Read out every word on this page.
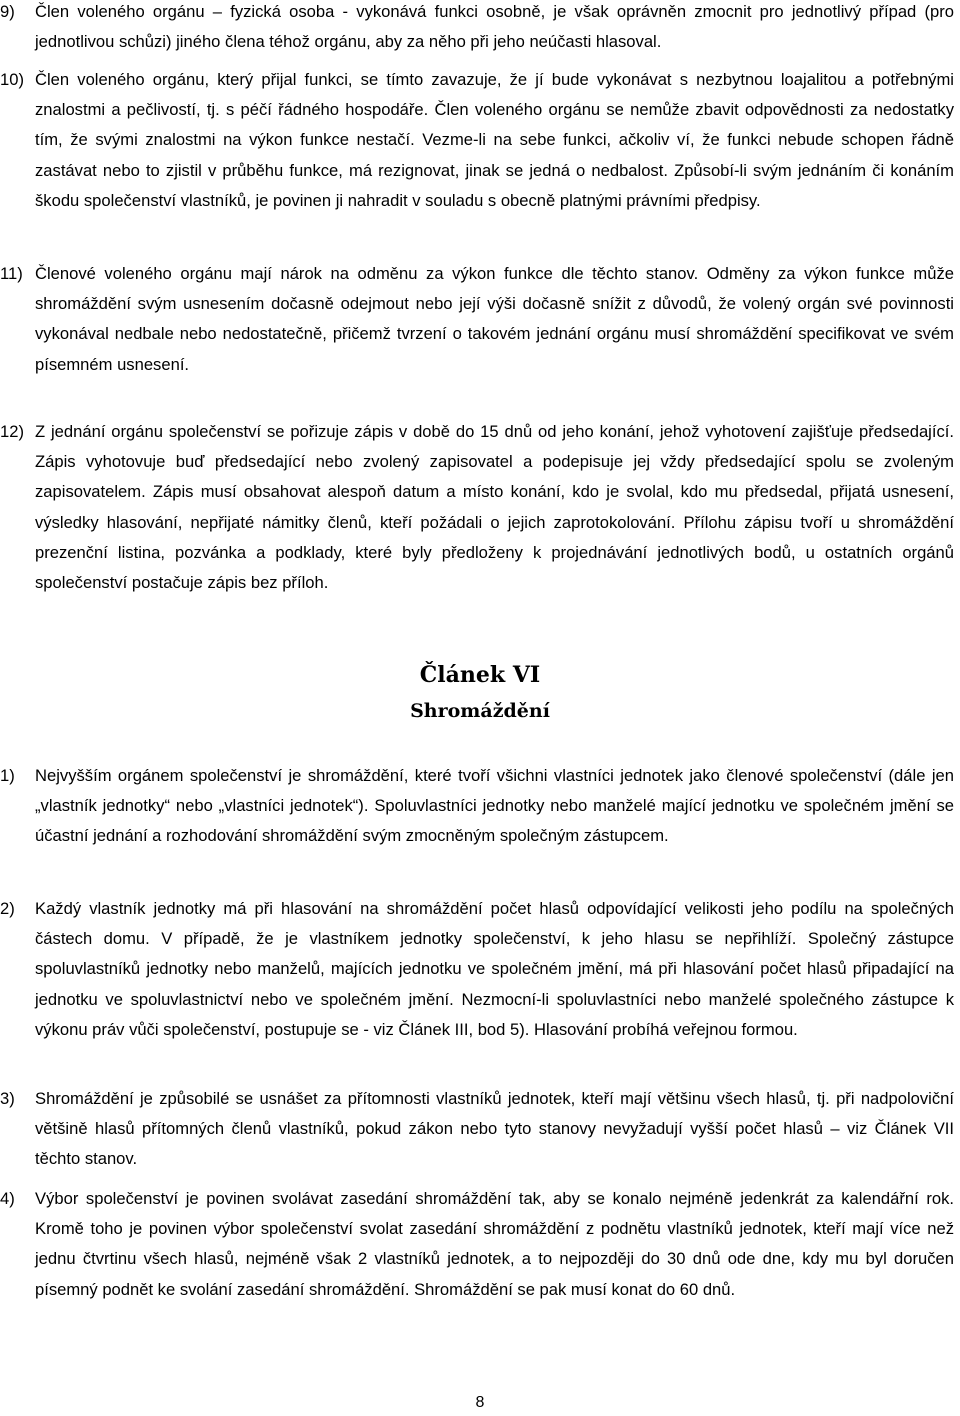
9)	Člen voleného orgánu – fyzická osoba - vykonává funkci osobně, je však oprávněn zmocnit pro jednotlivý případ (pro jednotlivou schůzi) jiného člena téhož orgánu, aby za něho při jeho neúčasti hlasoval.
10) Člen voleného orgánu, který přijal funkci, se tímto zavazuje, že jí bude vykonávat s nezbytnou loajalitou a potřebnými znalostmi a pečlivostí, tj. s péčí řádného hospodáře. Člen voleného orgánu se nemůže zbavit odpovědnosti za nedostatky tím, že svými znalostmi na výkon funkce nestačí. Vezme-li na sebe funkci, ačkoliv ví, že funkci nebude schopen řádně zastávat nebo to zjistil v průběhu funkce, má rezignovat, jinak se jedná o nedbalost. Způsobí-li svým jednáním či konáním škodu společenství vlastníků, je povinen ji nahradit v souladu s obecně platnými právními předpisy.
11) Členové voleného orgánu mají nárok na odměnu za výkon funkce dle těchto stanov. Odměny za výkon funkce může shromáždění svým usnesením dočasně odejmout nebo její výši dočasně snížit z důvodů, že volený orgán své povinnosti vykonával nedbale nebo nedostatečně, přičemž tvrzení o takovém jednání orgánu musí shromáždění specifikovat ve svém písemném usnesení.
12) Z jednání orgánu společenství se pořizuje zápis v době do 15 dnů od jeho konání, jehož vyhotovení zajišťuje předsedající. Zápis vyhotovuje buď předsedající nebo zvolený zapisovatel a podepisuje jej vždy předsedající spolu se zvoleným zapisovatelem. Zápis musí obsahovat alespoň datum a místo konání, kdo je svolal, kdo mu předsedal, přijatá usnesení, výsledky hlasování, nepřijaté námitky členů, kteří požádali o jejich zaprotokolování. Přílohu zápisu tvoří u shromáždění prezenční listina, pozvánka a podklady, které byly předloženy k projednávání jednotlivých bodů, u ostatních orgánů společenství postačuje zápis bez příloh.
Článek VI
Shromáždění
1)	Nejvyšším orgánem společenství je shromáždění, které tvoří všichni vlastníci jednotek jako členové společenství (dále jen „vlastník jednotky“ nebo „vlastníci jednotek“). Spoluvlastníci jednotky nebo manželé mající jednotku ve společném jmění se účastní jednání a rozhodování shromáždění svým zmocněným společným zástupcem.
2)	Každý vlastník jednotky má při hlasování na shromáždění počet hlasů odpovídající velikosti jeho podílu na společných částech domu. V případě, že je vlastníkem jednotky společenství, k jeho hlasu se nepřihlíží. Společný zástupce spoluvlastníků jednotky nebo manželů, majících jednotku ve společném jmění, má při hlasování počet hlasů připadající na jednotku ve spoluvlastnictví nebo ve společném jmění. Nezmocní-li spoluvlastníci nebo manželé společného zástupce k výkonu práv vůči společenství, postupuje se - viz Článek III, bod 5). Hlasování probíhá veřejnou formou.
3)	Shromáždění je způsobilé se usnášet za přítomnosti vlastníků jednotek, kteří mají většinu všech hlasů, tj. při nadpoloviční většině hlasů přítomných členů vlastníků, pokud zákon nebo tyto stanovy nevyžadují vyšší počet hlasů – viz Článek VII těchto stanov.
4)	Výbor společenství je povinen svolávat zasedání shromáždění tak, aby se konalo nejméně jedenkrát za kalendářní rok. Kromě toho je povinen výbor společenství svolat zasedání shromáždění z podnětu vlastníků jednotek, kteří mají více než jednu čtvrtinu všech hlasů, nejméně však 2 vlastníků jednotek, a to nejpozději do 30 dnů ode dne, kdy mu byl doručen písemný podnět ke svolání zasedání shromáždění. Shromáždění se pak musí konat do 60 dnů.
8
